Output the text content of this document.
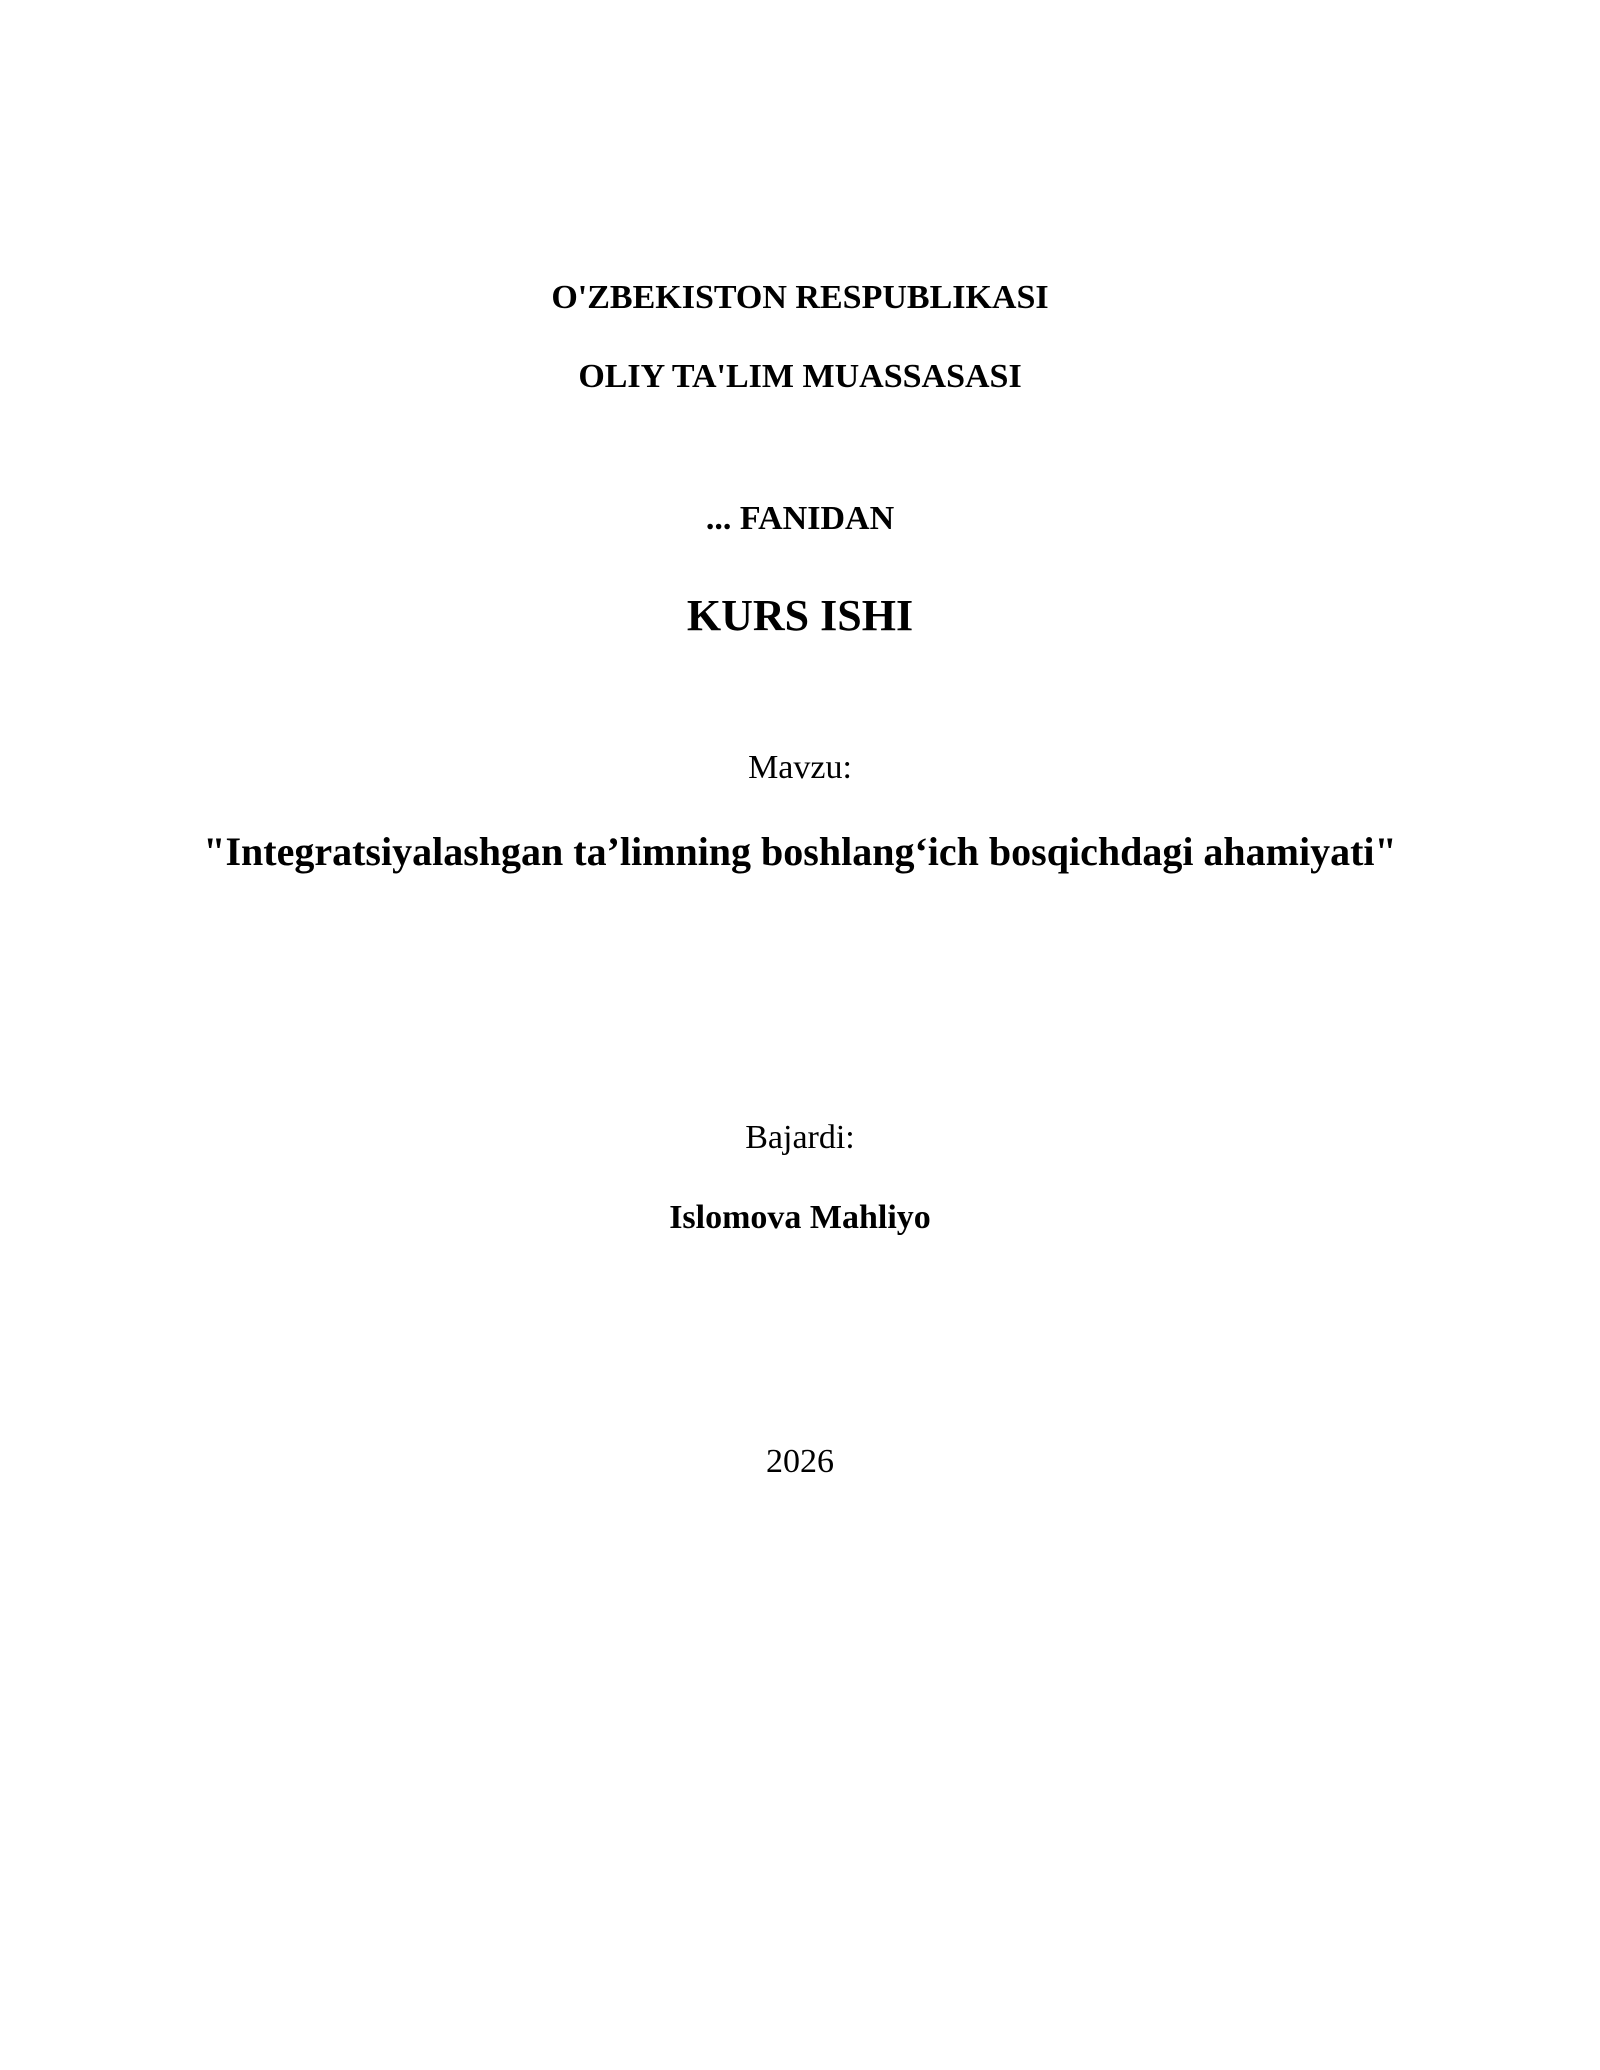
O'ZBEKISTON RESPUBLIKASI
OLIY TA'LIM MUASSASASI
... FANIDAN
KURS ISHI
Mavzu:
"Integratsiyalashgan ta’limning boshlang‘ich bosqichdagi ahamiyati"
Bajardi:
Islomova Mahliyo
2026
